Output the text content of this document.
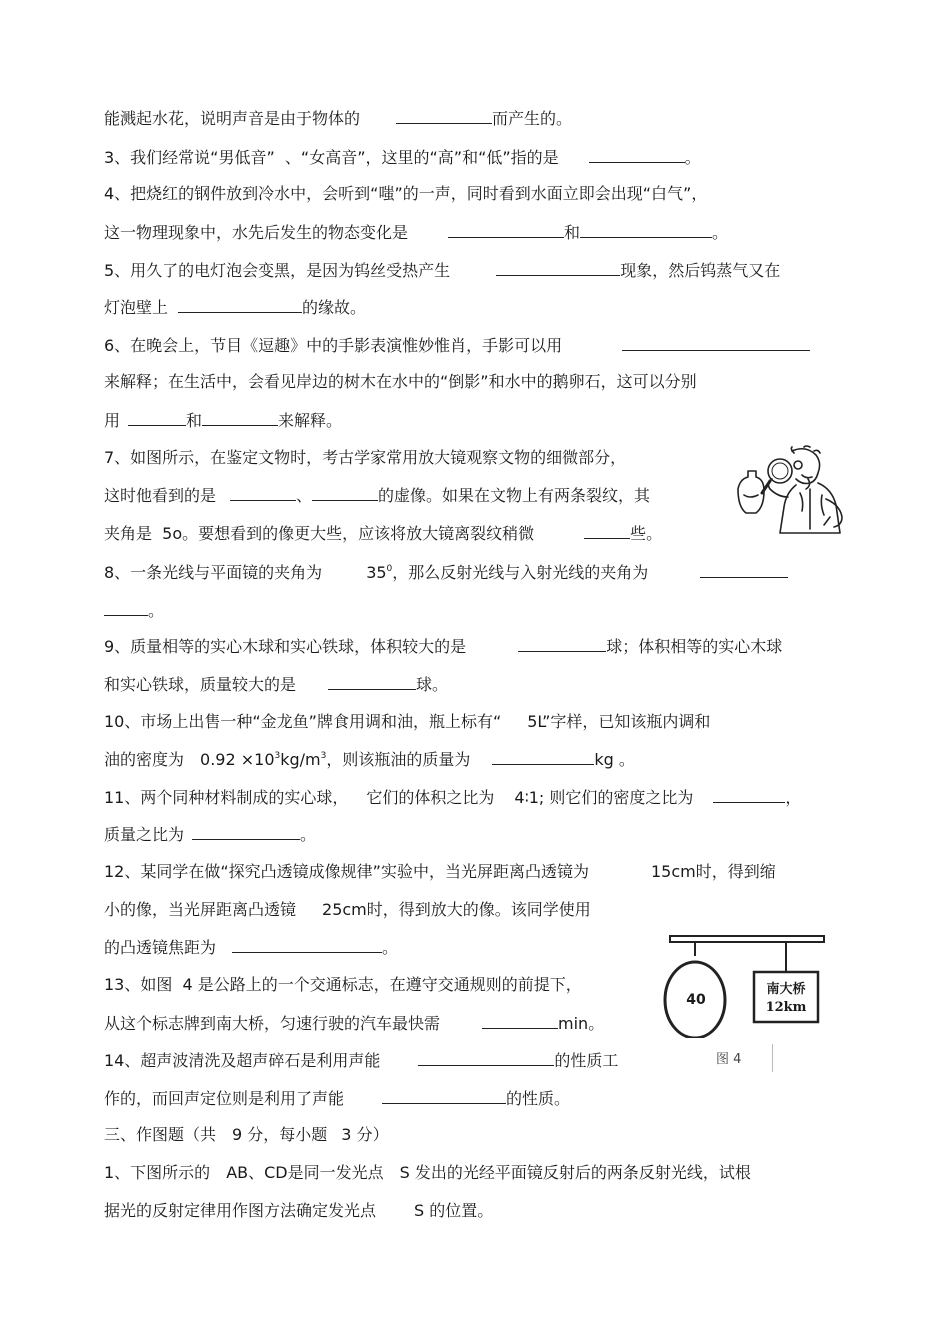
能溅起水花，说明声音是由于物体的	而产生的。
3、我们经常说“男低音”  、“女高音”，这里的“高”和“低”指的是	。
4、把烧红的钢件放到冷水中，会听到“嗤”的一声，同时看到水面立即会出现“白气”，
这一物理现象中，水先后发生的物态变化是	和	。
5、用久了的电灯泡会变黑，是因为钨丝受热产生	现象，然后钨蒸气又在
灯泡壁上	的缘故。
6、在晚会上，节目《逗趣》中的手影表演惟妙惟肖，手影可以用
来解释；在生活中，会看见岸边的树木在水中的“倒影”和水中的鹅卵石，这可以分别
用	和	来解释。
7、如图所示，在鉴定文物时，考古学家常用放大镜观察文物的细微部分，
这时他看到的是	、	的虚像。如果在文物上有两条裂纹，其
夹角是  5o。要想看到的像更大些，应该将放大镜离裂纹稍微	些。
8、一条光线与平面镜的夹角为	$35^0$，那么反射光线与入射光线的夹角为
。
9、质量相等的实心木球和实心铁球，体积较大的是	球；体积相等的实心木球
和实心铁球，质量较大的是	球。
10、市场上出售一种“金龙鱼”牌食用调和油，瓶上标有“ 5L”字样，已知该瓶内调和
油的密度为 $0.92 \times 10^3kg/m^3$，则该瓶油的质量为	kg 。
11、两个同种材料制成的实心球， 它们的体积之比为 4∶1; 则它们的密度之比为	，
质量之比为	。
12、某同学在做“探究凸透镜成像规律”实验中，当光屏距离凸透镜为	15cm时，得到缩
小的像，当光屏距离凸透镜 25cm时，得到放大的像。该同学使用
的凸透镜焦距为	。
13、如图  4 是公路上的一个交通标志，在遵守交通规则的前提下，
从这个标志牌到南大桥，匀速行驶的汽车最快需	min。
14、超声波清洗及超声碎石是利用声能	的性质工
作的，而回声定位则是利用了声能	的性质。
三、作图题（共 9 分，每小题 3 分）
1、下图所示的 AB、CD是同一发光点 S 发出的光经平面镜反射后的两条反射光线，试根
据光的反射定律用作图方法确定发光点 S 的位置。
40
南大桥
12km
图 4
